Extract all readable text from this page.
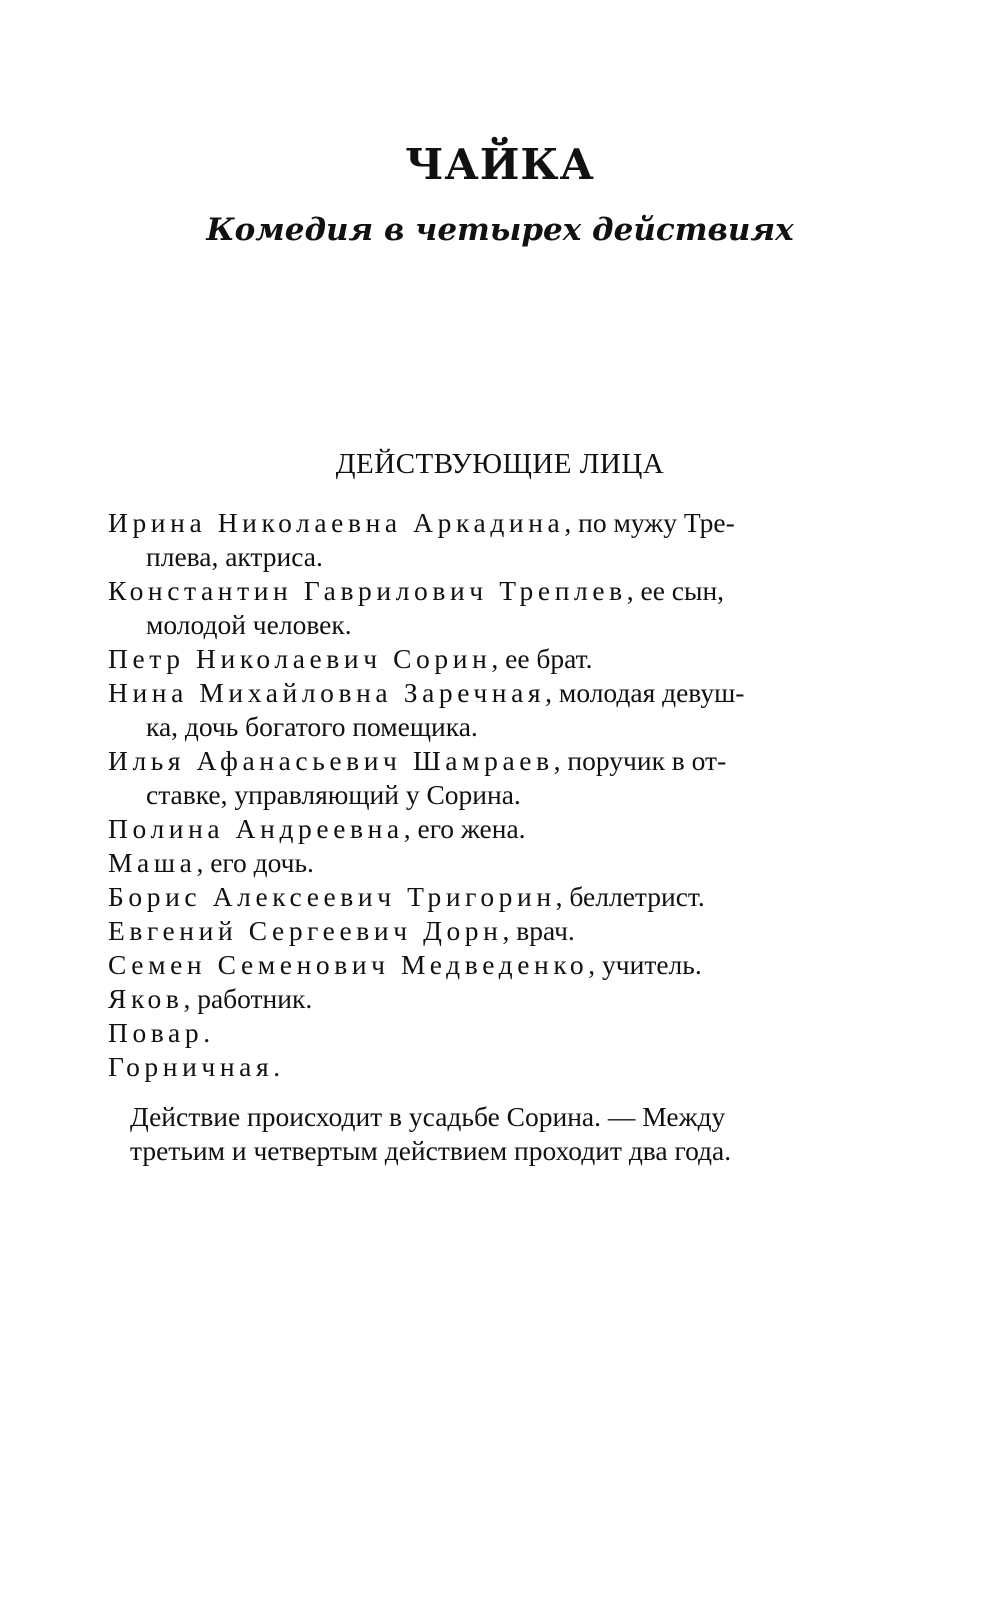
ЧАЙКА
Комедия в четырех действиях
ДЕЙСТВУЮЩИЕ ЛИЦА
Ирина Николаевна Аркадина, по мужу Тре-
плева, актриса.
Константин Гаврилович Треплев, ее сын,
молодой человек.
Петр Николаевич Сорин, ее брат.
Нина Михайловна Заречная, молодая девуш-
ка, дочь богатого помещика.
Илья Афанасьевич Шамраев, поручик в от-
ставке, управляющий у Сорина.
Полина Андреевна, его жена.
Маша, его дочь.
Борис Алексеевич Тригорин, беллетрист.
Евгений Сергеевич Дорн, врач.
Семен Семенович Медведенко, учитель.
Яков, работник.
Повар.
Горничная.
Действие происходит в усадьбе Сорина. — Между
третьим и четвертым действием проходит два года.
